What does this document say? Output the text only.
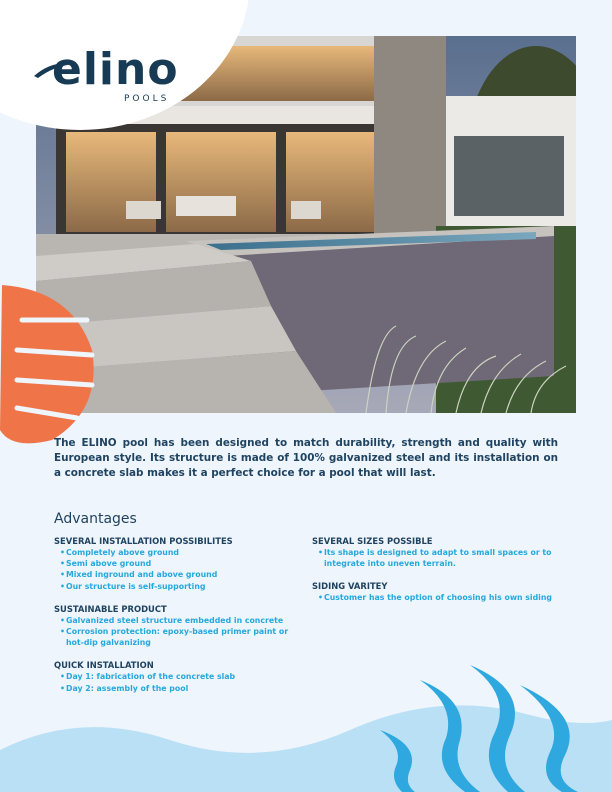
elino
POOLS

The ELINO pool has been designed to match durability, strength and quality with European style. Its structure is made of 100% galvanized steel and its installation on a concrete slab makes it a perfect choice for a pool that will last.

Advantages
SEVERAL INSTALLATION POSSIBILITES
• Completely above ground
• Semi above ground
• Mixed inground and above ground
• Our structure is self-supporting
SUSTAINABLE PRODUCT
• Galvanized steel structure embedded in concrete
• Corrosion protection: epoxy-based primer paint or hot-dip galvanizing
QUICK INSTALLATION
• Day 1: fabrication of the concrete slab
• Day 2: assembly of the pool
SEVERAL SIZES POSSIBLE
• Its shape is designed to adapt to small spaces or to integrate into uneven terrain.
SIDING VARITEY
• Customer has the option of choosing his own siding
